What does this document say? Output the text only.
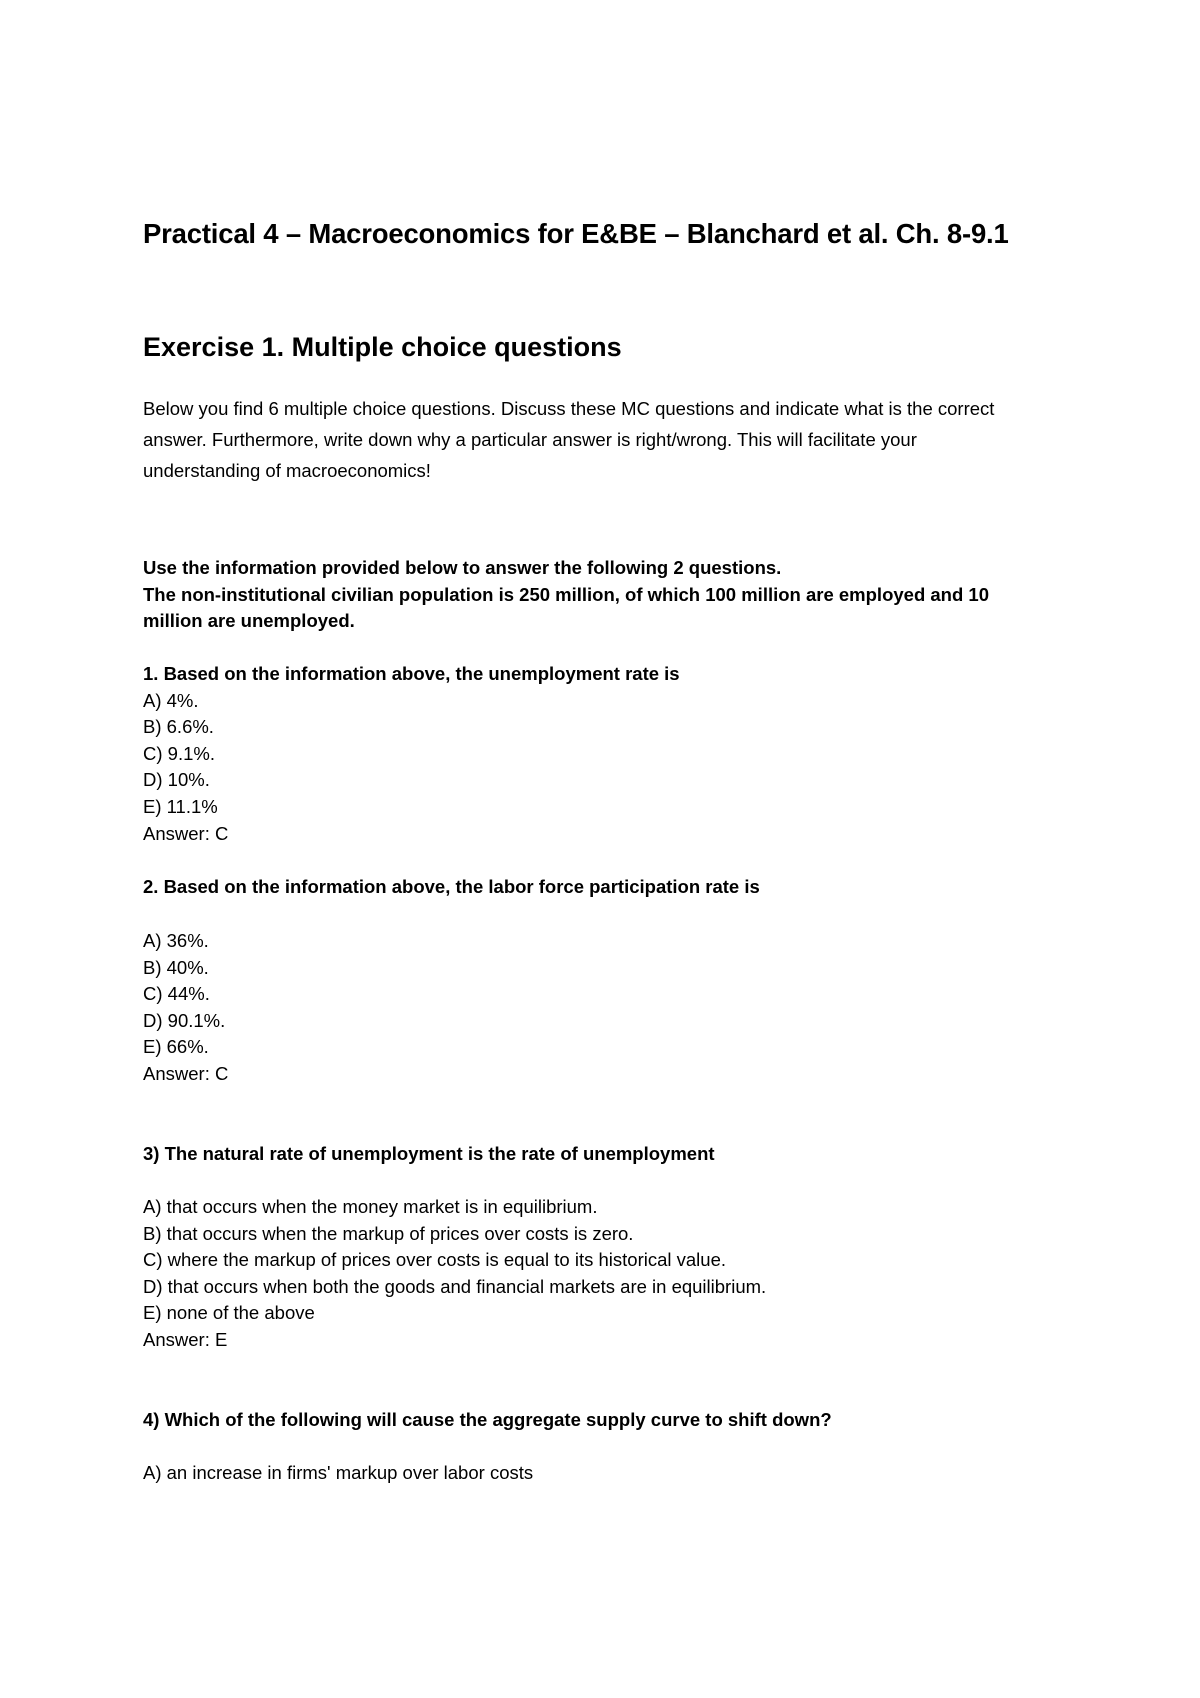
Practical 4 – Macroeconomics for E&BE – Blanchard et al. Ch. 8-9.1
Exercise 1. Multiple choice questions

Below you find 6 multiple choice questions. Discuss these MC questions and indicate what is the correct
answer. Furthermore, write down why a particular answer is right/wrong. This will facilitate your
understanding of macroeconomics!

Use the information provided below to answer the following 2 questions.
The non-institutional civilian population is 250 million, of which 100 million are employed and 10
million are unemployed.
1. Based on the information above, the unemployment rate is
A) 4%.
B) 6.6%.
C) 9.1%.
D) 10%.
E) 11.1%
Answer: C
2. Based on the information above, the labor force participation rate is
A) 36%.
B) 40%.
C) 44%.
D) 90.1%.
E) 66%.
Answer: C
3) The natural rate of unemployment is the rate of unemployment
A) that occurs when the money market is in equilibrium.
B) that occurs when the markup of prices over costs is zero.
C) where the markup of prices over costs is equal to its historical value.
D) that occurs when both the goods and financial markets are in equilibrium.
E) none of the above
Answer: E
4) Which of the following will cause the aggregate supply curve to shift down?
A) an increase in firms' markup over labor costs
